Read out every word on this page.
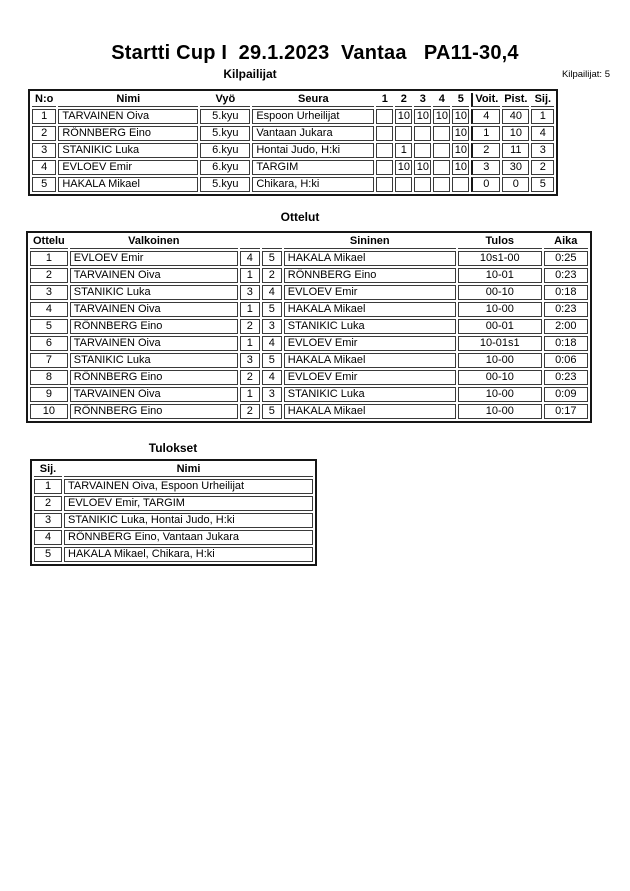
Startti Cup I  29.1.2023  Vantaa   PA11-30,4
Kilpailijat	Kilpailijat: 5
N:o	Nimi	Vyö	Seura	1	2	3	4	5	Voit.	Pist.	Sij.
1	TARVAINEN Oiva	5.kyu	Espoon Urheilijat		10	10	10	10	4	40	1
2	RÖNNBERG Eino	5.kyu	Vantaan Jukara					10	1	10	4
3	STANIKIC Luka	6.kyu	Hontai Judo, H:ki		1			10	2	11	3
4	EVLOEV Emir	6.kyu	TARGIM		10	10		10	3	30	2
5	HAKALA Mikael	5.kyu	Chikara, H:ki						0	0	5
Ottelut
Ottelu	Valkoinen			Sininen	Tulos	Aika
1	EVLOEV Emir	4	5	HAKALA Mikael	10s1-00	0:25
2	TARVAINEN Oiva	1	2	RÖNNBERG Eino	10-01	0:23
3	STANIKIC Luka	3	4	EVLOEV Emir	00-10	0:18
4	TARVAINEN Oiva	1	5	HAKALA Mikael	10-00	0:23
5	RÖNNBERG Eino	2	3	STANIKIC Luka	00-01	2:00
6	TARVAINEN Oiva	1	4	EVLOEV Emir	10-01s1	0:18
7	STANIKIC Luka	3	5	HAKALA Mikael	10-00	0:06
8	RÖNNBERG Eino	2	4	EVLOEV Emir	00-10	0:23
9	TARVAINEN Oiva	1	3	STANIKIC Luka	10-00	0:09
10	RÖNNBERG Eino	2	5	HAKALA Mikael	10-00	0:17
Tulokset
Sij.	Nimi
1	TARVAINEN Oiva, Espoon Urheilijat
2	EVLOEV Emir, TARGIM
3	STANIKIC Luka, Hontai Judo, H:ki
4	RÖNNBERG Eino, Vantaan Jukara
5	HAKALA Mikael, Chikara, H:ki
